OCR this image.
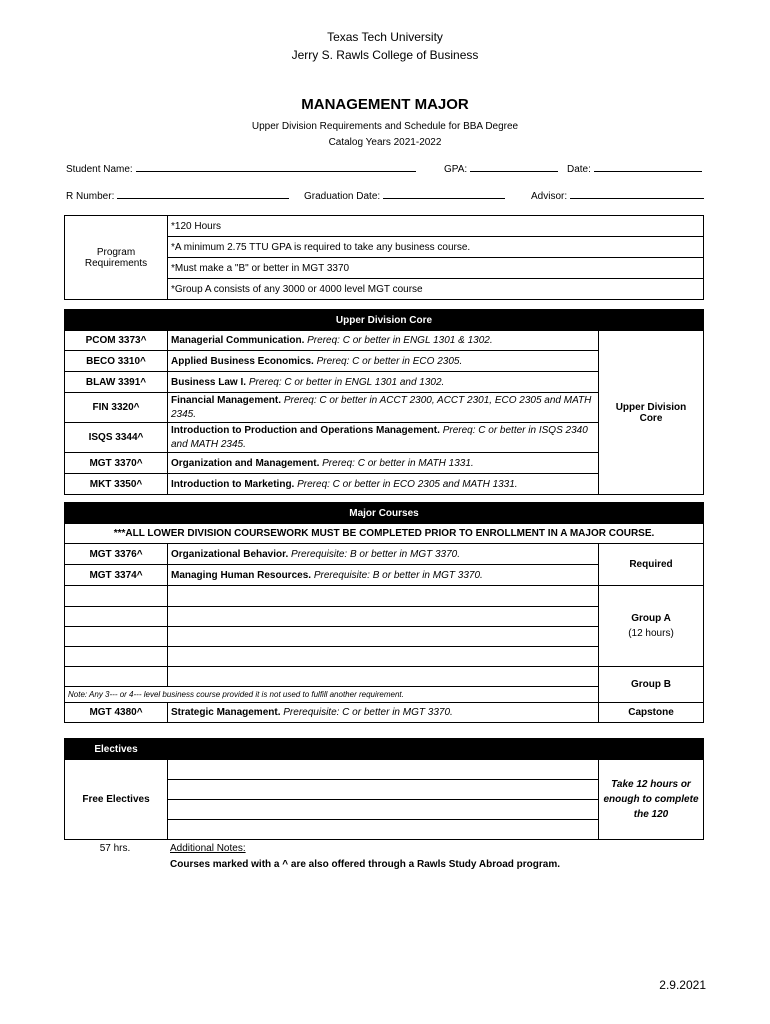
Texas Tech University
Jerry S. Rawls College of Business
MANAGEMENT MAJOR
Upper Division Requirements and Schedule for BBA Degree
Catalog Years 2021-2022
Student Name:	GPA:	Date:
R Number:	Graduation Date:	Advisor:
Program
Requirements
	*120 Hours
*A minimum 2.75 TTU GPA is required to take any business course.
*Must make a "B" or better in MGT 3370
*Group A consists of any 3000 or 4000 level MGT course
Upper Division Core		
PCOM 3373^	Managerial Communication. Prereq: C or better in ENGL 1301 & 1302.	Upper Division
Core

BECO 3310^	Applied Business Economics. Prereq: C or better in ECO 2305.	
BLAW 3391^	Business Law I. Prereq: C or better in ENGL 1301 and 1302.	
FIN 3320^	Financial Management. Prereq: C or better in ACCT 2300, ACCT 2301, ECO 2305 and MATH 2345.	
ISQS 3344^	Introduction to Production and Operations Management. Prereq: C or better in ISQS 2340 and MATH 2345.	
MGT 3370^	Organization and Management. Prereq: C or better in MATH 1331.	
MKT 3350^	Introduction to Marketing. Prereq: C or better in ECO 2305 and MATH 1331.	
Major Courses		
***ALL LOWER DIVISION COURSEWORK MUST BE COMPLETED PRIOR TO ENROLLMENT IN A MAJOR COURSE.		
MGT 3376^	Organizational Behavior. Prerequisite: B or better in MGT 3370.	Required
MGT 3374^	Managing Human Resources. Prerequisite: B or better in MGT 3370.	

		Group A
(12 hours)

		Group B
Note: Any 3--- or 4--- level business course provided it is not used to fulfill another requirement.		
MGT 4380^	Strategic Management. Prerequisite: C or better in MGT 3370.	Capstone
Electives		
Free Electives		Take 12 hours or
enough to complete
the 120

57 hrs.	Additional Notes:
Courses marked with a ^ are also offered through a Rawls Study Abroad program.
2.9.2021
